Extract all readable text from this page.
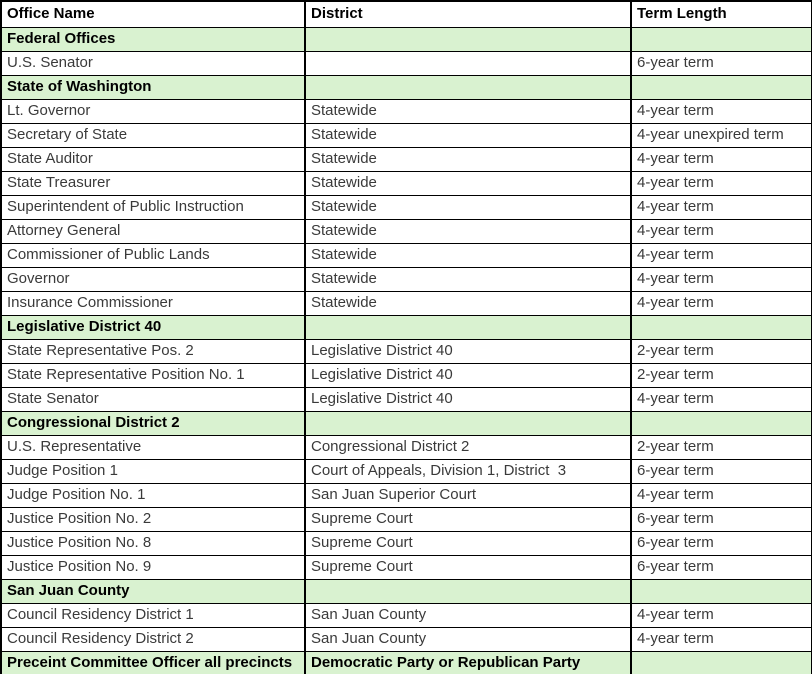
Office Name	District	Term Length
Federal Offices		
U.S. Senator		6-year term
State of Washington		
Lt. Governor	Statewide	4-year term
Secretary of State	Statewide	4-year unexpired term
State Auditor	Statewide	4-year term
State Treasurer	Statewide	4-year term
Superintendent of Public Instruction	Statewide	4-year term
Attorney General	Statewide	4-year term
Commissioner of Public Lands	Statewide	4-year term
Governor	Statewide	4-year term
Insurance Commissioner	Statewide	4-year term
Legislative District 40		
State Representative Pos. 2	Legislative District 40	2-year term
State Representative Position No. 1	Legislative District 40	2-year term
State Senator	Legislative District 40	4-year term
Congressional District 2		
U.S. Representative	Congressional District 2	2-year term
Judge Position 1	Court of Appeals, Division 1, District  3	6-year term
Judge Position No. 1	San Juan Superior Court	4-year term
Justice Position No. 2	Supreme Court	6-year term
Justice Position No. 8	Supreme Court	6-year term
Justice Position No. 9	Supreme Court	6-year term
San Juan County		
Council Residency District 1	San Juan County	4-year term
Council Residency District 2	San Juan County	4-year term
Preceint Committee Officer all precincts	Democratic Party or Republican Party	
